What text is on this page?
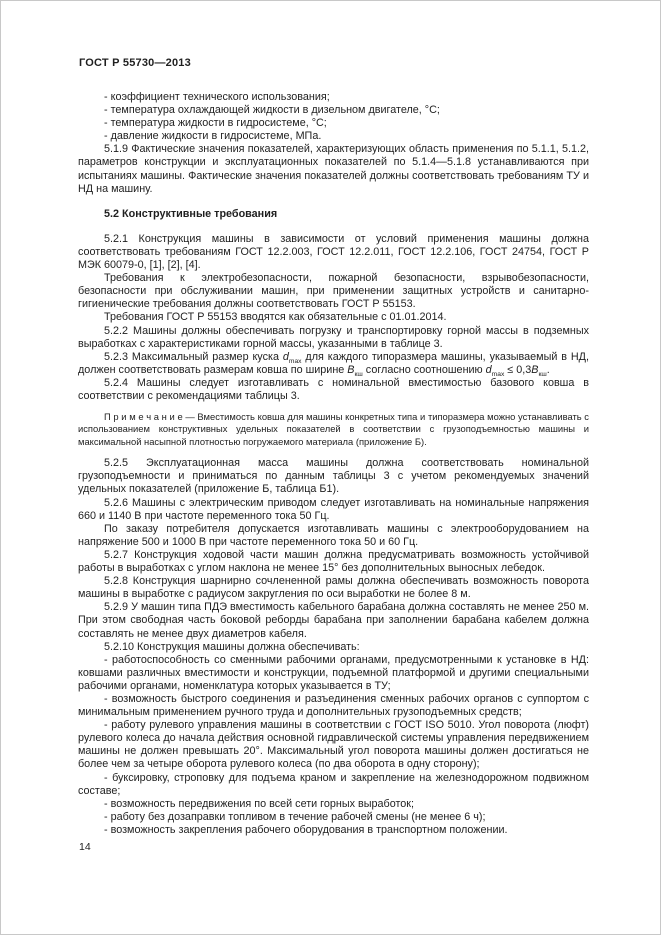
ГОСТ Р 55730—2013

- коэффициент технического использования;

- температура охлаждающей жидкости в дизельном двигателе, °С;

- температура жидкости в гидросистеме, °С;

- давление жидкости в гидросистеме, МПа.

5.1.9 Фактические значения показателей, характеризующих область применения по 5.1.1, 5.1.2, параметров конструкции и эксплуатационных показателей по 5.1.4—5.1.8 устанавливаются при испытаниях машины. Фактические значения показателей должны соответствовать требованиям ТУ и НД на машину.

5.2 Конструктивные требования

5.2.1 Конструкция машины в зависимости от условий применения машины должна соответствовать требованиям ГОСТ 12.2.003, ГОСТ 12.2.011, ГОСТ 12.2.106, ГОСТ 24754, ГОСТ Р МЭК 60079-0, [1], [2], [4].

Требования к электробезопасности, пожарной безопасности, взрывобезопасности, безопасности при обслуживании машин, при применении защитных устройств и санитарно-гигиенические требования должны соответствовать ГОСТ Р 55153.

Требования ГОСТ Р 55153 вводятся как обязательные с 01.01.2014.

5.2.2 Машины должны обеспечивать погрузку и транспортировку горной массы в подземных выработках с характеристиками горной массы, указанными в таблице 3.

5.2.3 Максимальный размер куска $d_{max}$ для каждого типоразмера машины, указываемый в НД, должен соответствовать размерам ковша по ширине $B_{кш}$ согласно соотношению $d_{max} \le 0,3B_{кш}$.

5.2.4 Машины следует изготавливать с номинальной вместимостью базового ковша в соответствии с рекомендациями таблицы 3.

П р и м е ч а н и е — Вместимость ковша для машины конкретных типа и типоразмера можно устанавливать с использованием конструктивных удельных показателей в соответствии с грузоподъемностью машины и максимальной насыпной плотностью погружаемого материала (приложение Б).

5.2.5 Эксплуатационная масса машины должна соответствовать номинальной грузоподъемности и приниматься по данным таблицы 3 с учетом рекомендуемых значений удельных показателей (приложение Б, таблица Б1).

5.2.6 Машины с электрическим приводом следует изготавливать на номинальные напряжения 660 и 1140 В при частоте переменного тока 50 Гц.

По заказу потребителя допускается изготавливать машины с электрооборудованием на напряжение 500 и 1000 В при частоте переменного тока 50 и 60 Гц.

5.2.7 Конструкция ходовой части машин должна предусматривать возможность устойчивой работы в выработках с углом наклона не менее 15° без дополнительных выносных лебедок.

5.2.8 Конструкция шарнирно сочлененной рамы должна обеспечивать возможность поворота машины в выработке с радиусом закругления по оси выработки не более 8 м.

5.2.9 У машин типа ПДЭ вместимость кабельного барабана должна составлять не менее 250 м. При этом свободная часть боковой реборды барабана при заполнении барабана кабелем должна составлять не менее двух диаметров кабеля.

5.2.10 Конструкция машины должна обеспечивать:

- работоспособность со сменными рабочими органами, предусмотренными к установке в НД: ковшами различных вместимости и конструкции, подъемной платформой и другими специальными рабочими органами, номенклатура которых указывается в ТУ;

- возможность быстрого соединения и разъединения сменных рабочих органов с суппортом с минимальным применением ручного труда и дополнительных грузоподъемных средств;

- работу рулевого управления машины в соответствии с ГОСТ ISO 5010. Угол поворота (люфт) рулевого колеса до начала действия основной гидравлической системы управления передвижением машины не должен превышать 20°. Максимальный угол поворота машины должен достигаться не более чем за четыре оборота рулевого колеса (по два оборота в одну сторону);

- буксировку, строповку для подъема краном и закрепление на железнодорожном подвижном составе;

- возможность передвижения по всей сети горных выработок;

- работу без дозаправки топливом в течение рабочей смены (не менее 6 ч);

- возможность закрепления рабочего оборудования в транспортном положении.

14
